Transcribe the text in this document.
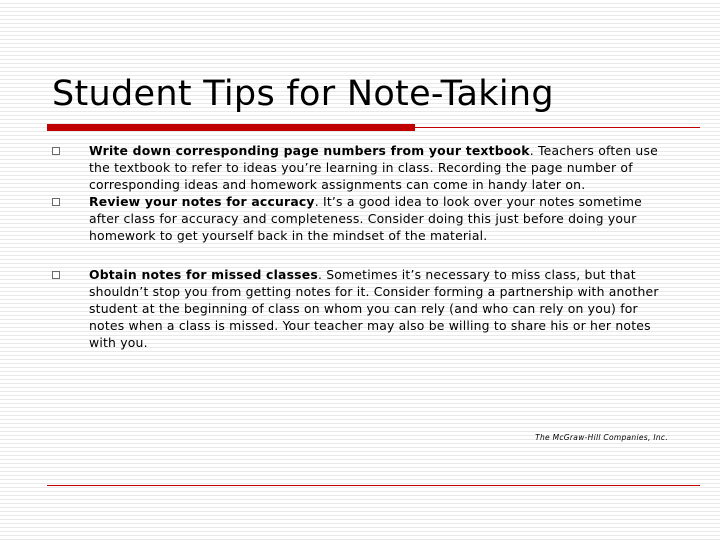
Student Tips for Note-Taking
Write down corresponding page numbers from your textbook. Teachers often use the textbook to refer to ideas you’re learning in class. Recording the page number of corresponding ideas and homework assignments can come in handy later on.
Review your notes for accuracy. It’s a good idea to look over your notes sometime after class for accuracy and completeness. Consider doing this just before doing your homework to get yourself back in the mindset of the material.
Obtain notes for missed classes. Sometimes it’s necessary to miss class, but that shouldn’t stop you from getting notes for it. Consider forming a partnership with another student at the beginning of class on whom you can rely (and who can rely on you) for notes when a class is missed. Your teacher may also be willing to share his or her notes with you.
The McGraw-Hill Companies, Inc.
